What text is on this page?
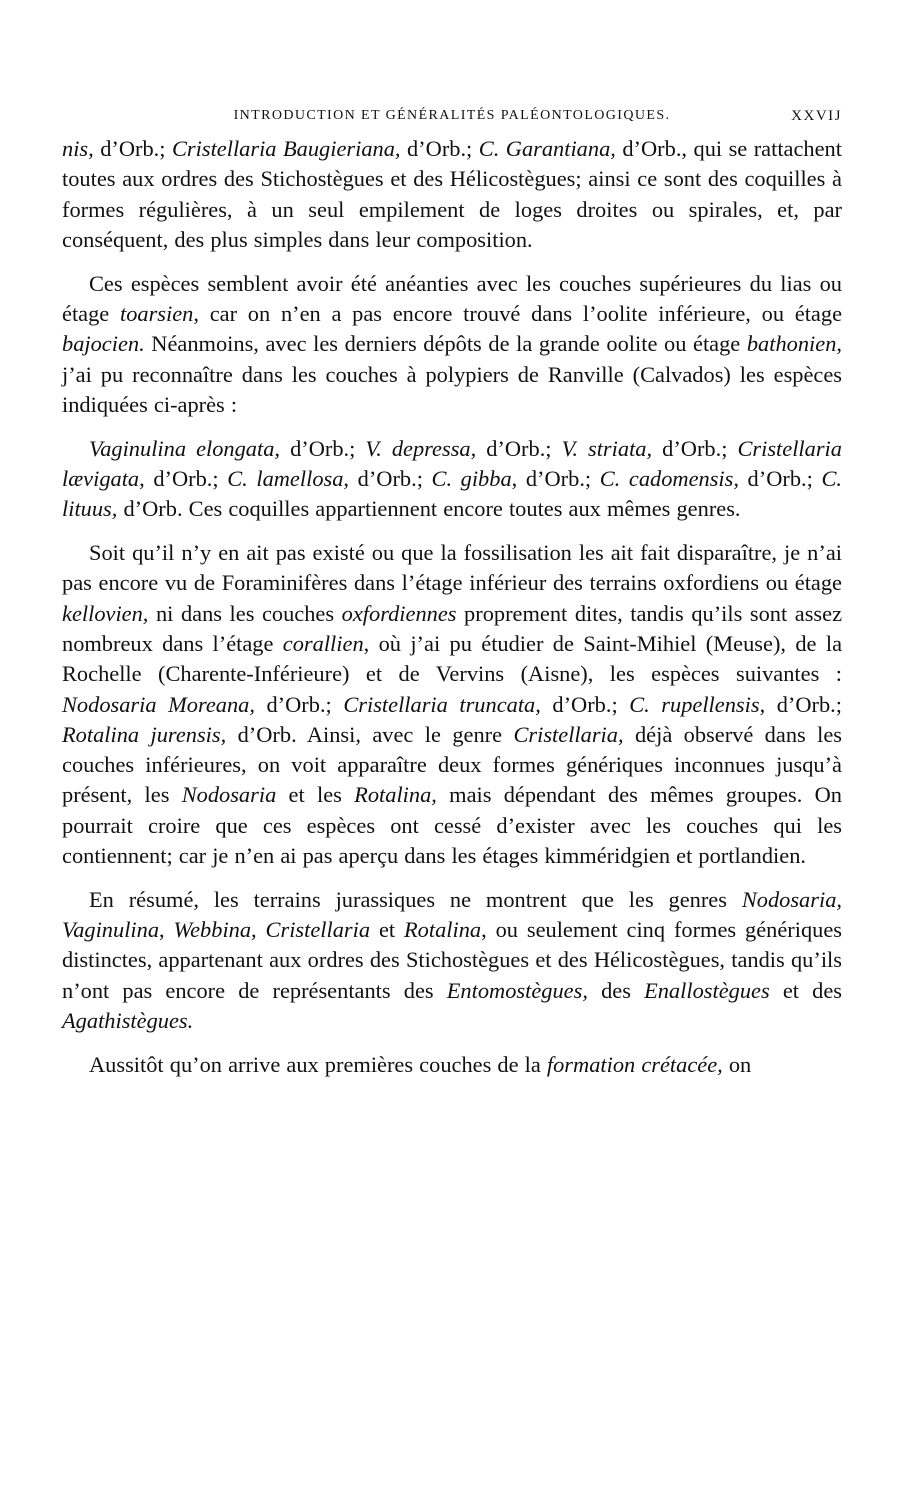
INTRODUCTION ET GÉNÉRALITÉS PALÉONTOLOGIQUES.	XXVIJ

nis, d’Orb.; Cristellaria Baugieriana, d’Orb.; C. Garantiana, d’Orb., qui se rattachent toutes aux ordres des Stichostègues et des Hélicostègues; ainsi ce sont des coquilles à formes régulières, à un seul empilement de loges droites ou spirales, et, par conséquent, des plus simples dans leur composition.

Ces espèces semblent avoir été anéanties avec les couches supérieures du lias ou étage toarsien, car on n’en a pas encore trouvé dans l’oolite inférieure, ou étage bajocien. Néanmoins, avec les derniers dépôts de la grande oolite ou étage bathonien, j’ai pu reconnaître dans les couches à polypiers de Ranville (Calvados) les espèces indiquées ci-après :

Vaginulina elongata, d’Orb.; V. depressa, d’Orb.; V. striata, d’Orb.; Cristellaria lævigata, d’Orb.; C. lamellosa, d’Orb.; C. gibba, d’Orb.; C. cadomensis, d’Orb.; C. lituus, d’Orb. Ces coquilles appartiennent encore toutes aux mêmes genres.

Soit qu’il n’y en ait pas existé ou que la fossilisation les ait fait disparaître, je n’ai pas encore vu de Foraminifères dans l’étage inférieur des terrains oxfordiens ou étage kellovien, ni dans les couches oxfordiennes proprement dites, tandis qu’ils sont assez nombreux dans l’étage corallien, où j’ai pu étudier de Saint-Mihiel (Meuse), de la Rochelle (Charente-Inférieure) et de Vervins (Aisne), les espèces suivantes : Nodosaria Moreana, d’Orb.; Cristellaria truncata, d’Orb.; C. rupellensis, d’Orb.; Rotalina jurensis, d’Orb. Ainsi, avec le genre Cristellaria, déjà observé dans les couches inférieures, on voit apparaître deux formes génériques inconnues jusqu’à présent, les Nodosaria et les Rotalina, mais dépendant des mêmes groupes. On pourrait croire que ces espèces ont cessé d’exister avec les couches qui les contiennent; car je n’en ai pas aperçu dans les étages kimméridgien et portlandien.

En résumé, les terrains jurassiques ne montrent que les genres Nodosaria, Vaginulina, Webbina, Cristellaria et Rotalina, ou seulement cinq formes génériques distinctes, appartenant aux ordres des Stichostègues et des Hélicostègues, tandis qu’ils n’ont pas encore de représentants des Entomostègues, des Enallostègues et des Agathistègues.

Aussitôt qu’on arrive aux premières couches de la formation crétacée, on
